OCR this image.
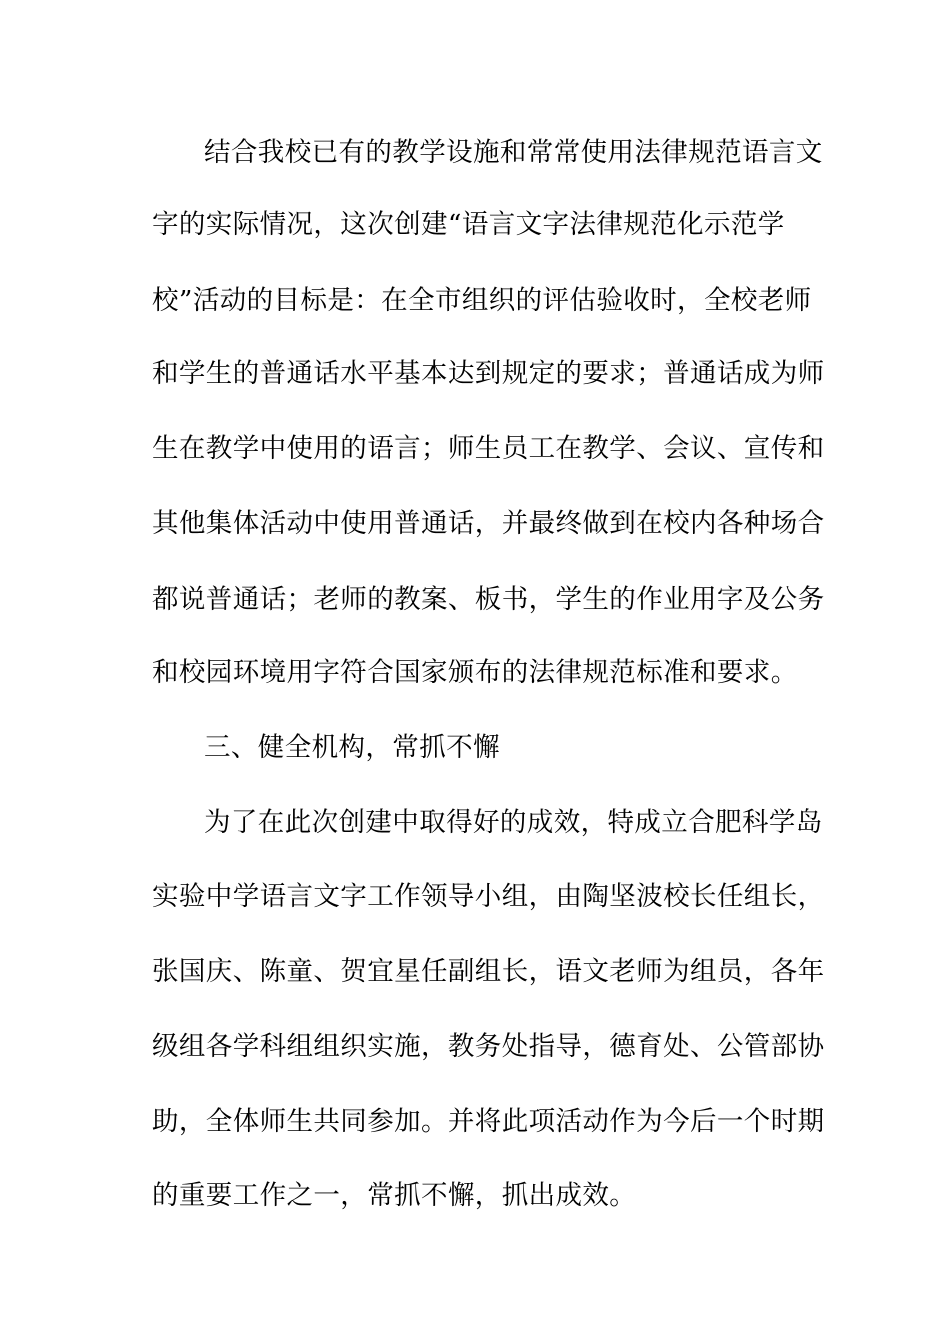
结合我校已有的教学设施和常常使用法律规范语言文
字的实际情况，这次创建“语言文字法律规范化示范学
校”活动的目标是：在全市组织的评估验收时，全校老师
和学生的普通话水平基本达到规定的要求；普通话成为师
生在教学中使用的语言；师生员工在教学、会议、宣传和
其他集体活动中使用普通话，并最终做到在校内各种场合
都说普通话；老师的教案、板书，学生的作业用字及公务
和校园环境用字符合国家颁布的法律规范标准和要求。
三、健全机构，常抓不懈
为了在此次创建中取得好的成效，特成立合肥科学岛
实验中学语言文字工作领导小组，由陶坚波校长任组长，
张国庆、陈童、贺宜星任副组长，语文老师为组员，各年
级组各学科组组织实施，教务处指导，德育处、公管部协
助，全体师生共同参加。并将此项活动作为今后一个时期
的重要工作之一，常抓不懈，抓出成效。
